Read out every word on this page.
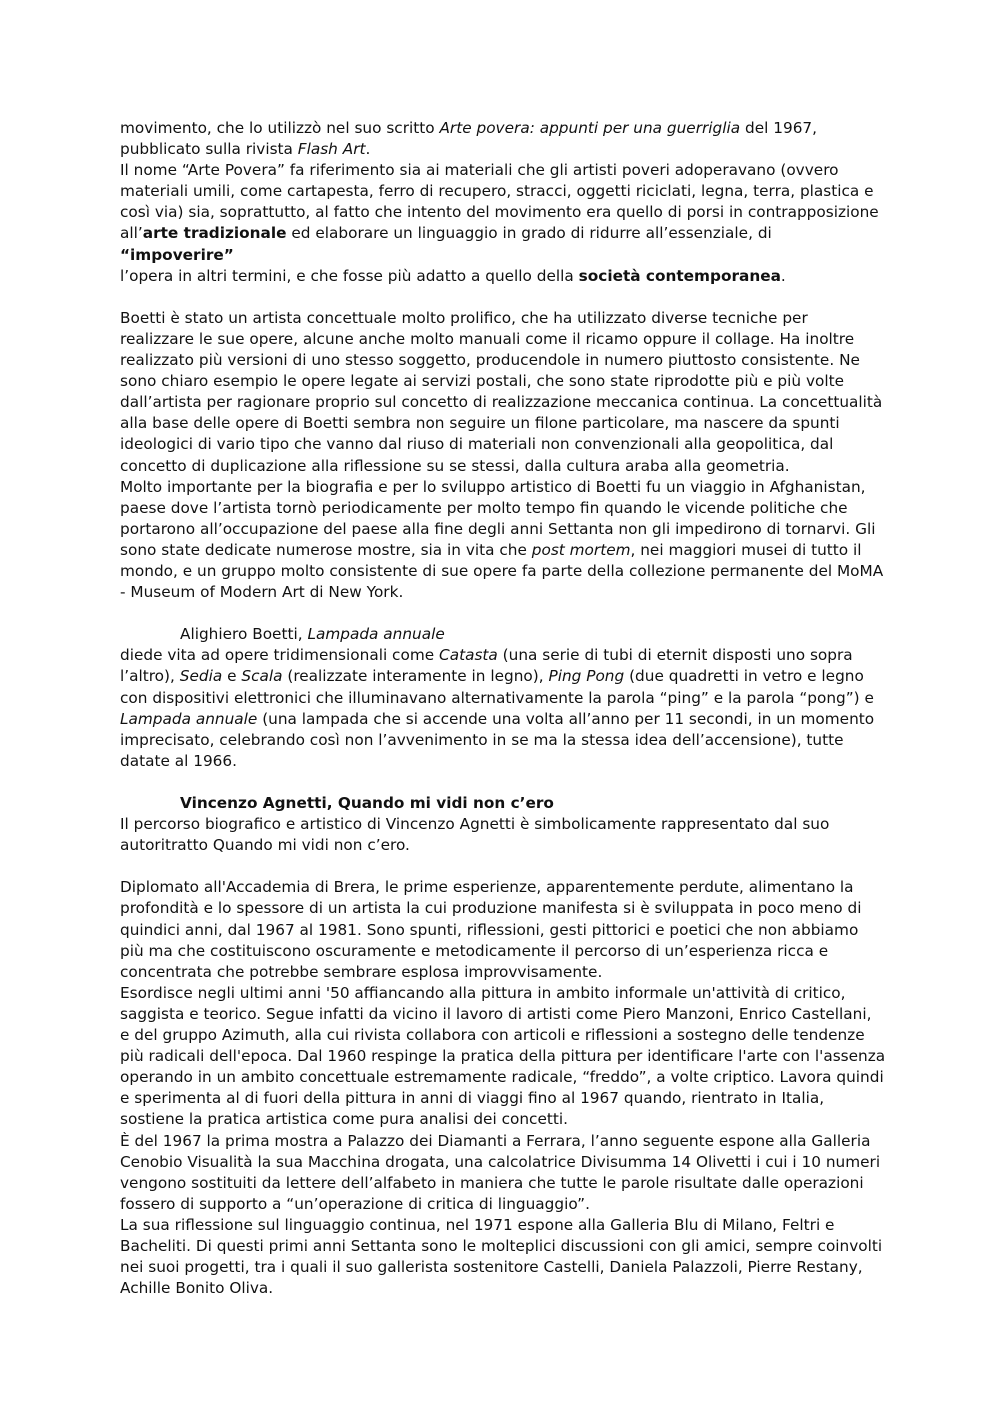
movimento, che lo utilizzò nel suo scritto Arte povera: appunti per una guerriglia del 1967,
pubblicato sulla rivista Flash Art.

Il nome “Arte Povera” fa riferimento sia ai materiali che gli artisti poveri adoperavano (ovvero
materiali umili, come cartapesta, ferro di recupero, stracci, oggetti riciclati, legna, terra, plastica e
così via) sia, soprattutto, al fatto che intento del movimento era quello di porsi in contrapposizione
all’arte tradizionale ed elaborare un linguaggio in grado di ridurre all’essenziale, di “impoverire”
l’opera in altri termini, e che fosse più adatto a quello della società contemporanea.

Boetti è stato un artista concettuale molto prolifico, che ha utilizzato diverse tecniche per
realizzare le sue opere, alcune anche molto manuali come il ricamo oppure il collage. Ha inoltre
realizzato più versioni di uno stesso soggetto, producendole in numero piuttosto consistente. Ne
sono chiaro esempio le opere legate ai servizi postali, che sono state riprodotte più e più volte
dall’artista per ragionare proprio sul concetto di realizzazione meccanica continua. La concettualità
alla base delle opere di Boetti sembra non seguire un filone particolare, ma nascere da spunti
ideologici di vario tipo che vanno dal riuso di materiali non convenzionali alla geopolitica, dal
concetto di duplicazione alla riflessione su se stessi, dalla cultura araba alla geometria.

Molto importante per la biografia e per lo sviluppo artistico di Boetti fu un viaggio in Afghanistan,
paese dove l’artista tornò periodicamente per molto tempo fin quando le vicende politiche che
portarono all’occupazione del paese alla fine degli anni Settanta non gli impedirono di tornarvi. Gli
sono state dedicate numerose mostre, sia in vita che post mortem, nei maggiori musei di tutto il
mondo, e un gruppo molto consistente di sue opere fa parte della collezione permanente del MoMA
- Museum of Modern Art di New York.

Alighiero Boetti, Lampada annuale

diede vita ad opere tridimensionali come Catasta (una serie di tubi di eternit disposti uno sopra
l’altro), Sedia e Scala (realizzate interamente in legno), Ping Pong (due quadretti in vetro e legno
con dispositivi elettronici che illuminavano alternativamente la parola “ping” e la parola “pong”) e
Lampada annuale (una lampada che si accende una volta all’anno per 11 secondi, in un momento
imprecisato, celebrando così non l’avvenimento in se ma la stessa idea dell’accensione), tutte
datate al 1966.

Vincenzo Agnetti, Quando mi vidi non c’ero

Il percorso biografico e artistico di Vincenzo Agnetti è simbolicamente rappresentato dal suo
autoritratto Quando mi vidi non c’ero.

Diplomato all'Accademia di Brera, le prime esperienze, apparentemente perdute, alimentano la
profondità e lo spessore di un artista la cui produzione manifesta si è sviluppata in poco meno di
quindici anni, dal 1967 al 1981. Sono spunti, riflessioni, gesti pittorici e poetici che non abbiamo
più ma che costituiscono oscuramente e metodicamente il percorso di un’esperienza ricca e
concentrata che potrebbe sembrare esplosa improvvisamente.

Esordisce negli ultimi anni '50 affiancando alla pittura in ambito informale un'attività di critico,
saggista e teorico. Segue infatti da vicino il lavoro di artisti come Piero Manzoni, Enrico Castellani,
e del gruppo Azimuth, alla cui rivista collabora con articoli e riflessioni a sostegno delle tendenze
più radicali dell'epoca. Dal 1960 respinge la pratica della pittura per identificare l'arte con l'assenza
operando in un ambito concettuale estremamente radicale, “freddo”, a volte criptico. Lavora quindi
e sperimenta al di fuori della pittura in anni di viaggi fino al 1967 quando, rientrato in Italia,
sostiene la pratica artistica come pura analisi dei concetti.

È del 1967 la prima mostra a Palazzo dei Diamanti a Ferrara, l’anno seguente espone alla Galleria
Cenobio Visualità la sua Macchina drogata, una calcolatrice Divisumma 14 Olivetti i cui i 10 numeri
vengono sostituiti da lettere dell’alfabeto in maniera che tutte le parole risultate dalle operazioni
fossero di supporto a “un’operazione di critica di linguaggio”.

La sua riflessione sul linguaggio continua, nel 1971 espone alla Galleria Blu di Milano, Feltri e
Bacheliti. Di questi primi anni Settanta sono le molteplici discussioni con gli amici, sempre coinvolti
nei suoi progetti, tra i quali il suo gallerista sostenitore Castelli, Daniela Palazzoli, Pierre Restany,
Achille Bonito Oliva.
